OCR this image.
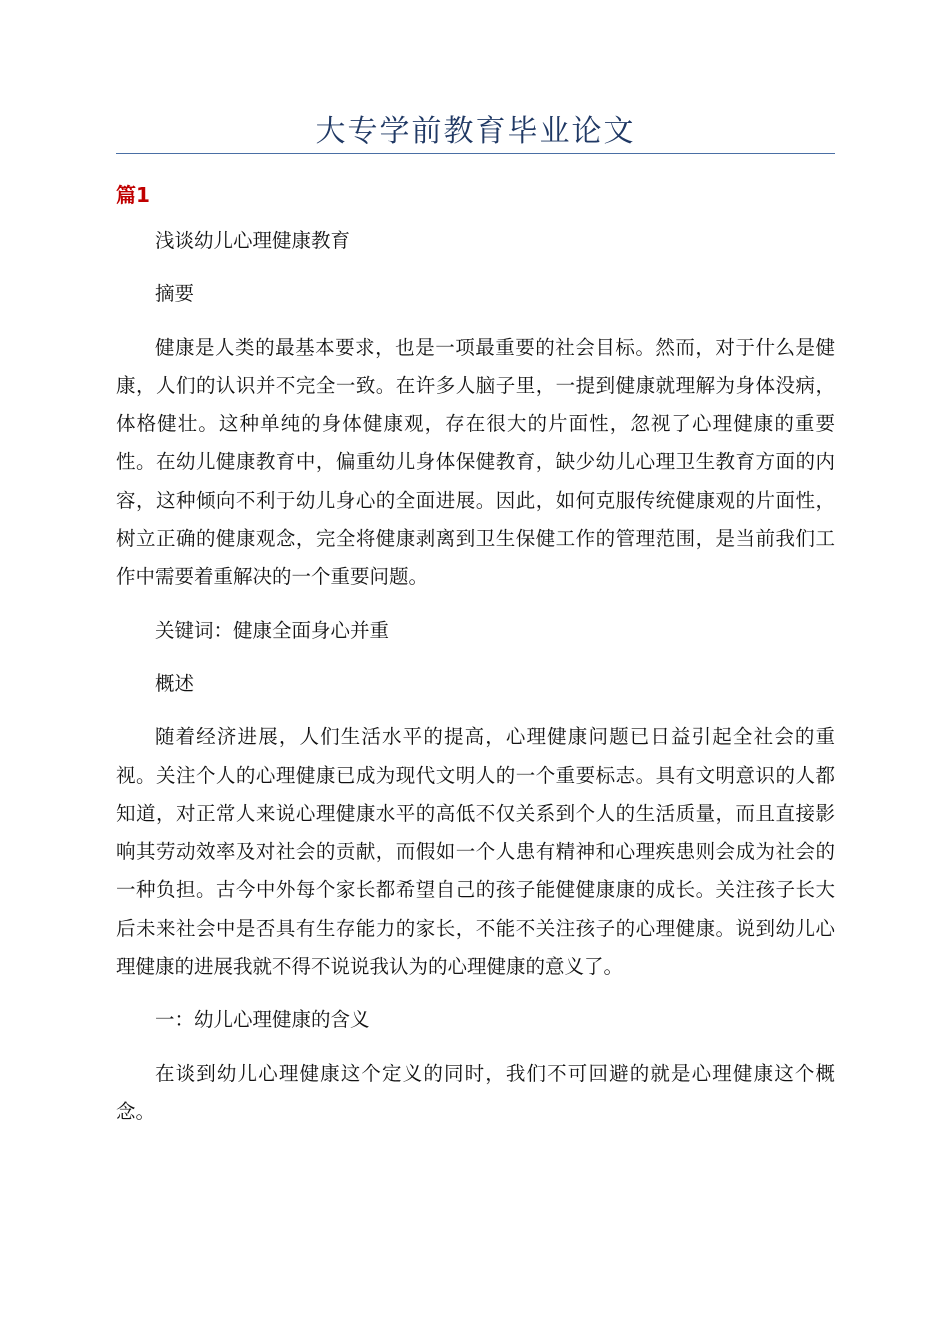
大专学前教育毕业论文
篇1

浅谈幼儿心理健康教育

摘要

健康是人类的最基本要求，也是一项最重要的社会目标。然而，对于什么是健康，人们的认识并不完全一致。在许多人脑子里，一提到健康就理解为身体没病，体格健壮。这种单纯的身体健康观，存在很大的片面性，忽视了心理健康的重要性。在幼儿健康教育中，偏重幼儿身体保健教育，缺少幼儿心理卫生教育方面的内容，这种倾向不利于幼儿身心的全面进展。因此，如何克服传统健康观的片面性，树立正确的健康观念，完全将健康剥离到卫生保健工作的管理范围，是当前我们工作中需要着重解决的一个重要问题。

关键词：健康全面身心并重

概述

随着经济进展，人们生活水平的提高，心理健康问题已日益引起全社会的重视。关注个人的心理健康已成为现代文明人的一个重要标志。具有文明意识的人都知道，对正常人来说心理健康水平的高低不仅关系到个人的生活质量，而且直接影响其劳动效率及对社会的贡献，而假如一个人患有精神和心理疾患则会成为社会的一种负担。古今中外每个家长都希望自己的孩子能健健康康的成长。关注孩子长大后未来社会中是否具有生存能力的家长，不能不关注孩子的心理健康。说到幼儿心理健康的进展我就不得不说说我认为的心理健康的意义了。

一：幼儿心理健康的含义

在谈到幼儿心理健康这个定义的同时，我们不可回避的就是心理健康这个概念。
